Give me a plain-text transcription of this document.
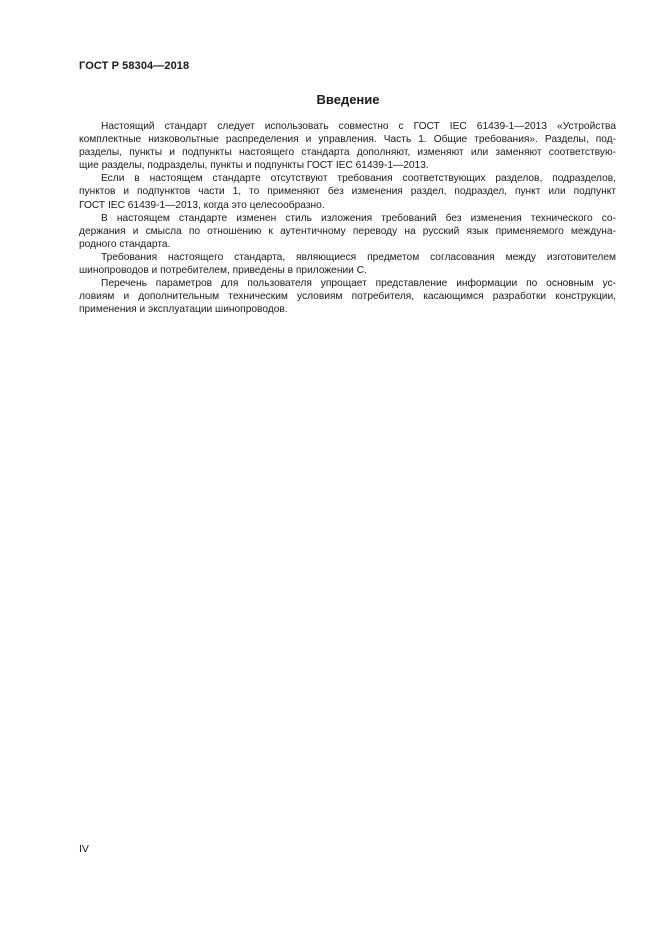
ГОСТ Р 58304—2018
Введение

Настоящий стандарт следует использовать совместно с ГОСТ IEC 61439-1—2013 «Устройства
комплектные низковольтные распределения и управления. Часть 1. Общие требования». Разделы, под-
разделы, пункты и подпункты настоящего стандарта дополняют, изменяют или заменяют соответствую-
щие разделы, подразделы, пункты и подпункты ГОСТ IEC 61439-1—2013.

Если в настоящем стандарте отсутствуют требования соответствующих разделов, подразделов,
пунктов и подпунктов части 1, то применяют без изменения раздел, подраздел, пункт или подпункт
ГОСТ IEC 61439-1—2013, когда это целесообразно.

В настоящем стандарте изменен стиль изложения требований без изменения технического со-
держания и смысла по отношению к аутентичному переводу на русский язык применяемого междуна-
родного стандарта.

Требования настоящего стандарта, являющиеся предметом согласования между изготовителем
шинопроводов и потребителем, приведены в приложении С.

Перечень параметров для пользователя упрощает представление информации по основным ус-
ловиям и дополнительным техническим условиям потребителя, касающимся разработки конструкции,
применения и эксплуатации шинопроводов.

IV
